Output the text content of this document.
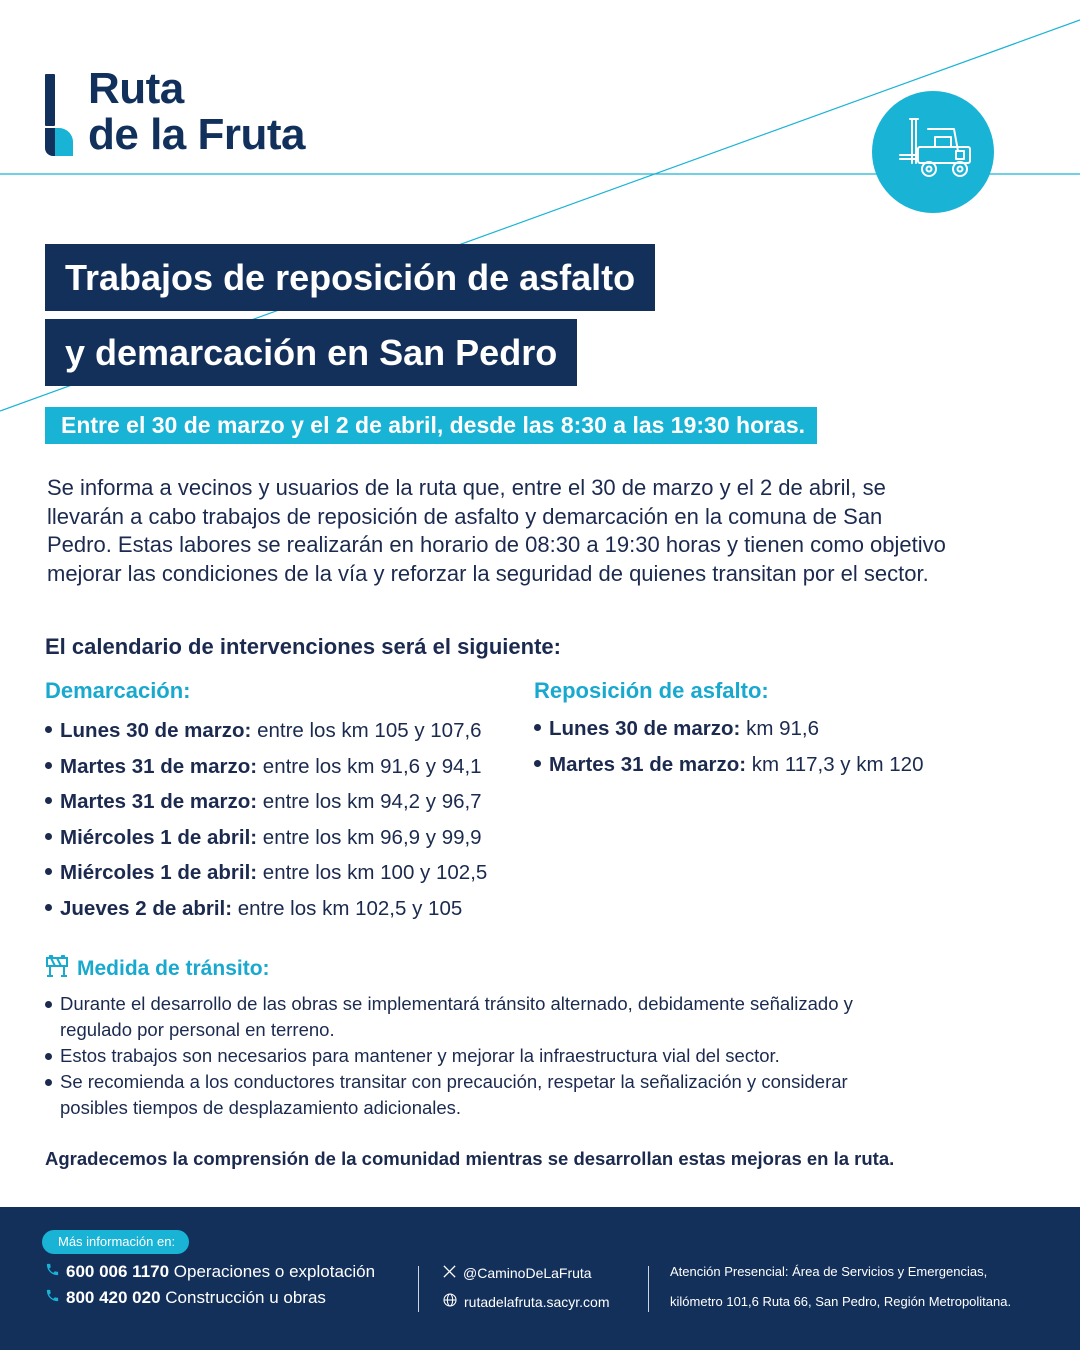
Ruta
de la Fruta
Trabajos de reposición de asfalto
y demarcación en San Pedro
Entre el 30 de marzo y el 2 de abril, desde las 8:30 a las 19:30 horas.
Se informa a vecinos y usuarios de la ruta que, entre el 30 de marzo y el 2 de abril, se llevarán a cabo trabajos de reposición de asfalto y demarcación en la comuna de San Pedro. Estas labores se realizarán en horario de 08:30 a 19:30 horas y tienen como objetivo mejorar las condiciones de la vía y reforzar la seguridad de quienes transitan por el sector.
El calendario de intervenciones será el siguiente:
Demarcación:
Lunes 30 de marzo: entre los km 105 y 107,6
Martes 31 de marzo: entre los km 91,6 y 94,1
Martes 31 de marzo: entre los km 94,2 y 96,7
Miércoles 1 de abril: entre los km 96,9 y 99,9
Miércoles 1 de abril: entre los km 100 y 102,5
Jueves 2 de abril: entre los km 102,5 y 105
Reposición de asfalto:
Lunes 30 de marzo: km 91,6
Martes 31 de marzo: km 117,3 y km 120
Medida de tránsito:
Durante el desarrollo de las obras se implementará tránsito alternado, debidamente señalizado y regulado por personal en terreno.
Estos trabajos son necesarios para mantener y mejorar la infraestructura vial del sector.
Se recomienda a los conductores transitar con precaución, respetar la señalización y considerar posibles tiempos de desplazamiento adicionales.
Agradecemos la comprensión de la comunidad mientras se desarrollan estas mejoras en la ruta.
Más información en:
600 006 1170 Operaciones o explotación
800 420 020 Construcción u obras
@CaminoDeLaFruta
rutadelafruta.sacyr.com
Atención Presencial: Área de Servicios y Emergencias,
kilómetro 101,6 Ruta 66, San Pedro, Región Metropolitana.
